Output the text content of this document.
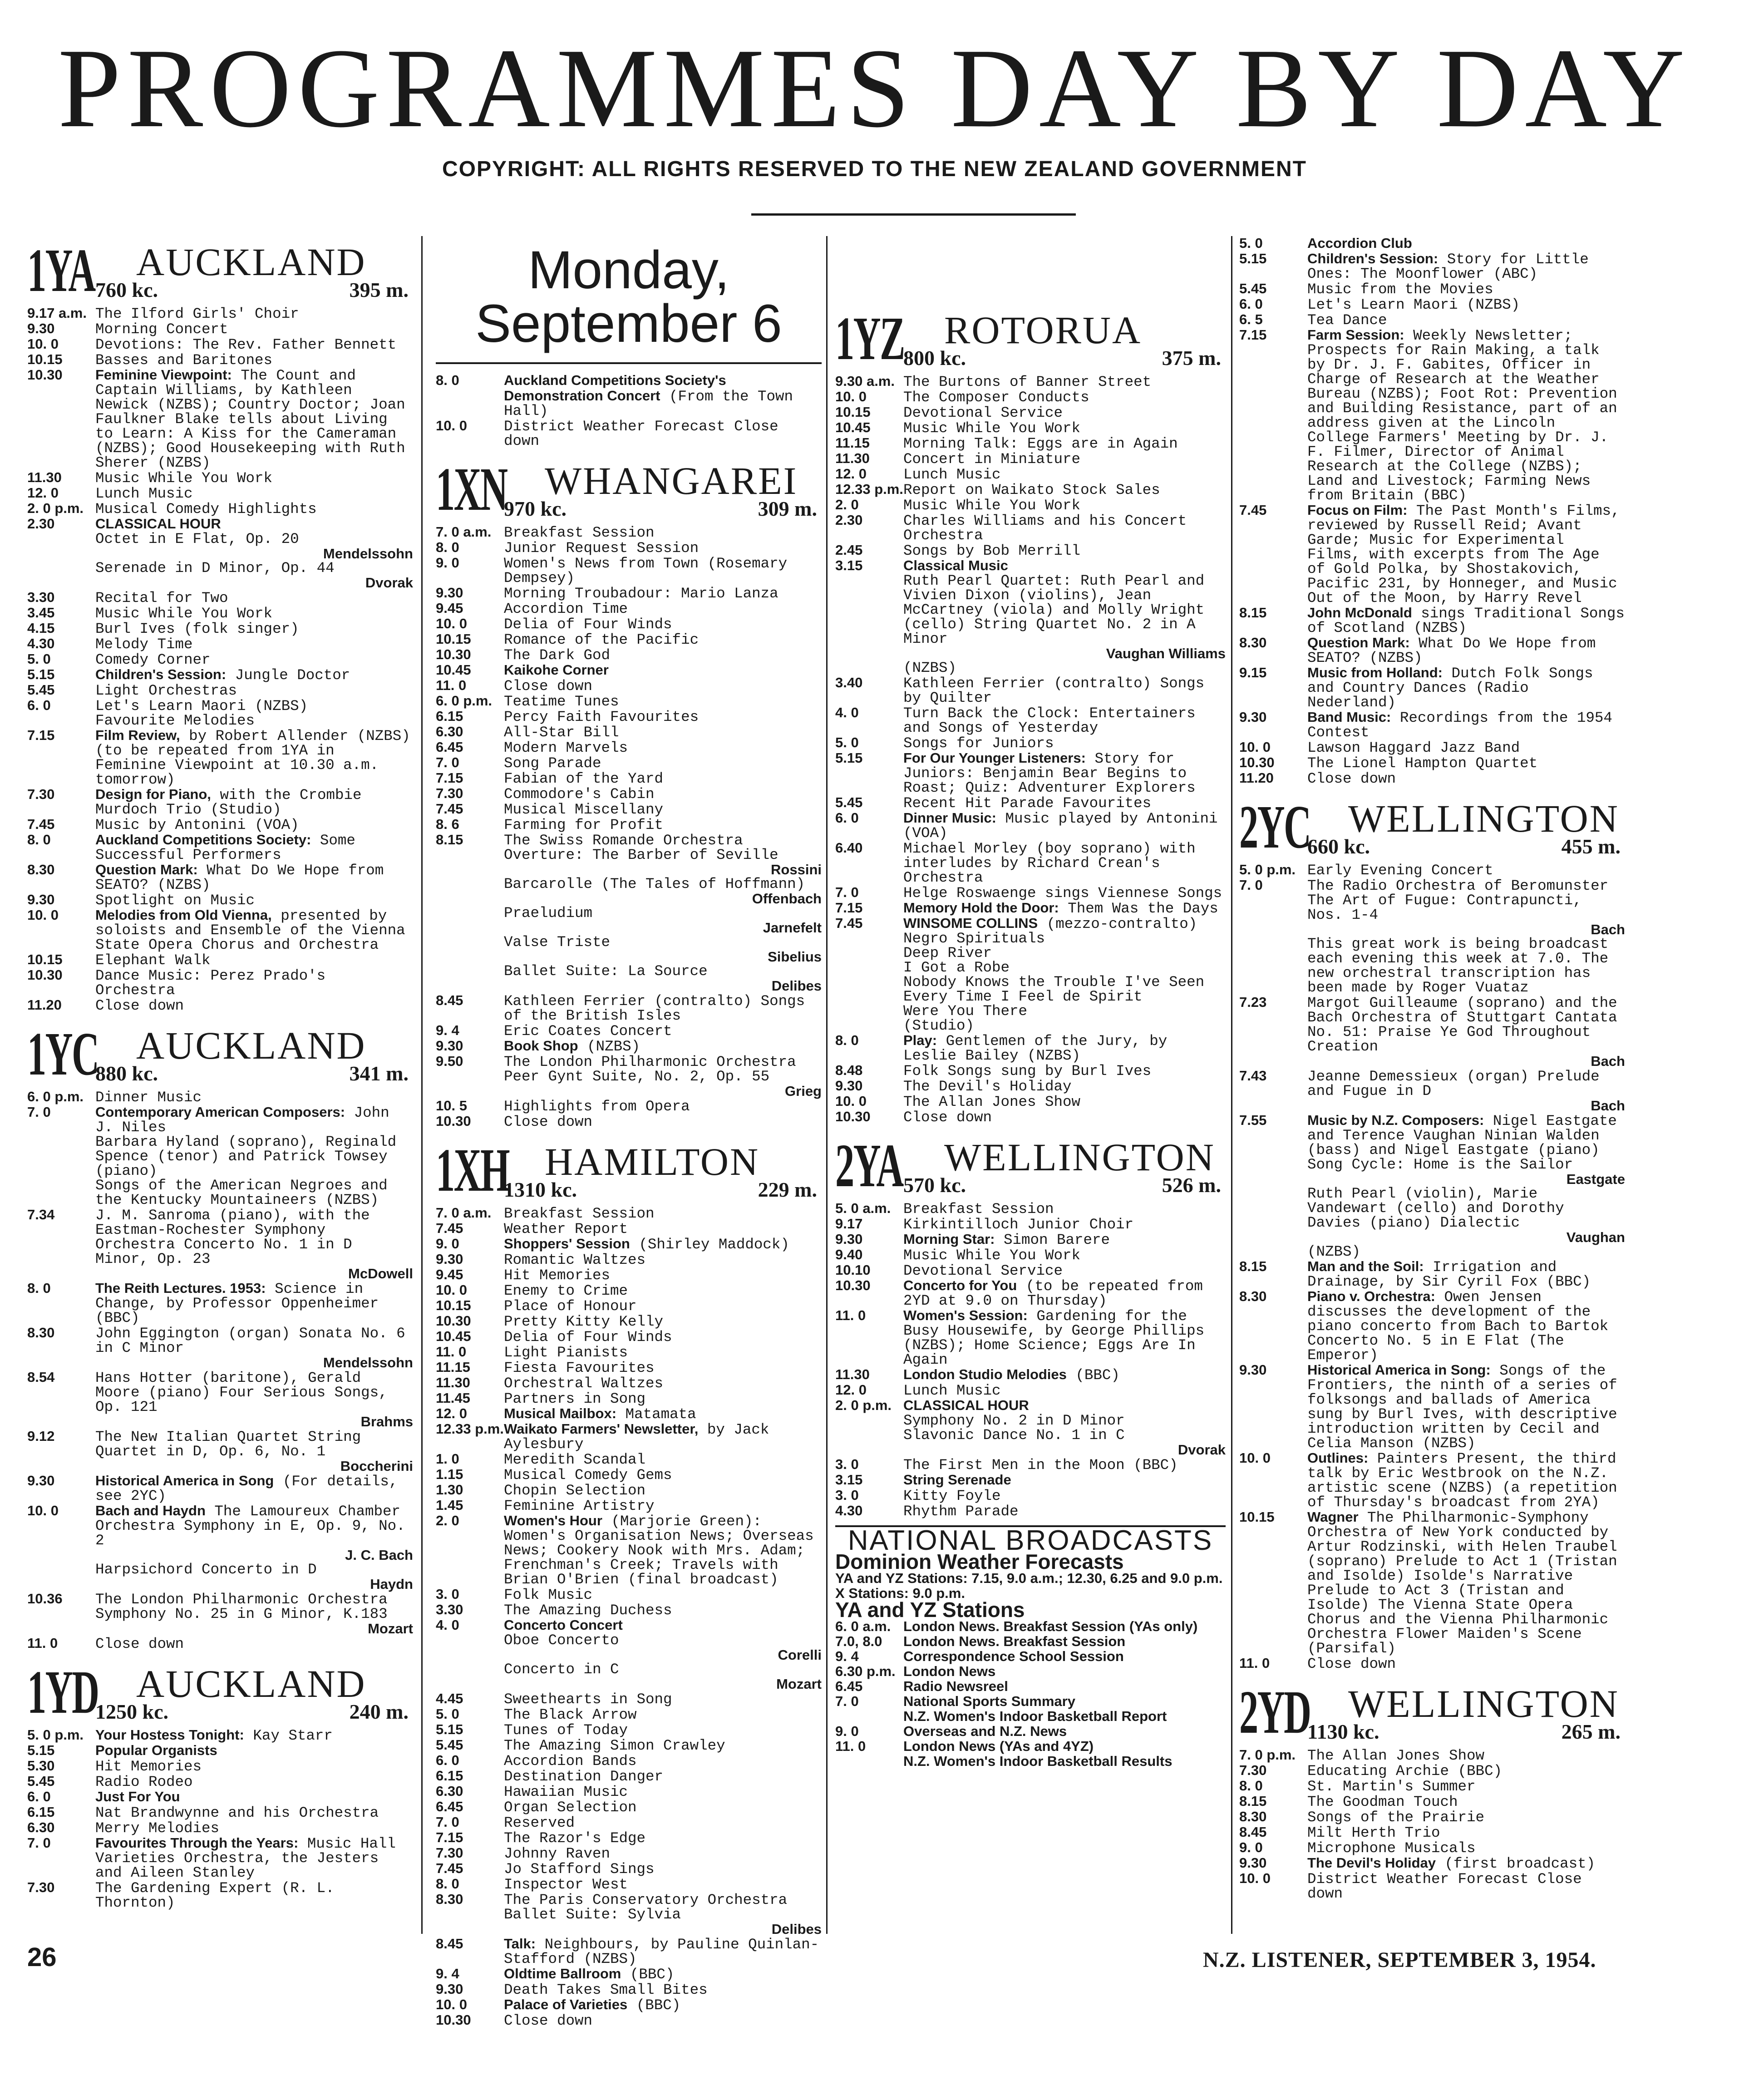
PROGRAMMES DAY BY DAY
COPYRIGHT: ALL RIGHTS RESERVED TO THE NEW ZEALAND GOVERNMENT
1YA AUCKLAND
760 kc.	395 m.
9.17 a.m. The Ilford Girls' Choir
9.30	Morning Concert
10. 0	Devotions: The Rev. Father Bennett
10.15	Basses and Baritones
10.30	Feminine Viewpoint: The Count and Captain Williams, by Kathleen Newick (NZBS); Country Doctor; Joan Faulkner Blake tells about Living to Learn: A Kiss for the Cameraman (NZBS); Good Housekeeping with Ruth Sherer (NZBS)
11.30	Music While You Work
12. 0	Lunch Music
2. 0 p.m. Musical Comedy Highlights
2.30	CLASSICAL HOUR
Octet in E Flat, Op. 20
Mendelssohn
Serenade in D Minor, Op. 44
Dvorak
3.30	Recital for Two
3.45	Music While You Work
4.15	Burl Ives (folk singer)
4.30	Melody Time
5. 0	Comedy Corner
5.15	Children's Session: Jungle Doctor
5.45	Light Orchestras
6. 0	Let's Learn Maori (NZBS)
Favourite Melodies
7.15	Film Review, by Robert Allender (NZBS) (to be repeated from 1YA in Feminine Viewpoint at 10.30 a.m. tomorrow)
7.30	Design for Piano, with the Crombie Murdoch Trio (Studio)
7.45	Music by Antonini (VOA)
8. 0	Auckland Competitions Society: Some Successful Performers
8.30	Question Mark: What Do We Hope from SEATO? (NZBS)
9.30	Spotlight on Music
10. 0	Melodies from Old Vienna, presented by soloists and Ensemble of the Vienna State Opera Chorus and Orchestra
10.15	Elephant Walk
10.30	Dance Music: Perez Prado's Orchestra
11.20	Close down
1YC AUCKLAND
880 kc.	341 m.
6. 0 p.m. Dinner Music
7. 0	Contemporary American Composers: John J. Niles
Barbara Hyland (soprano), Reginald Spence (tenor) and Patrick Towsey (piano)
Songs of the American Negroes and the Kentucky Mountaineers (NZBS)
7.34	J. M. Sanroma (piano), with the Eastman-Rochester Symphony Orchestra Concerto No. 1 in D Minor, Op. 23
McDowell
8. 0	The Reith Lectures. 1953: Science in Change, by Professor Oppenheimer (BBC)
8.30	John Eggington (organ) Sonata No. 6 in C Minor
Mendelssohn
8.54	Hans Hotter (baritone), Gerald Moore (piano) Four Serious Songs, Op. 121
Brahms
9.12	The New Italian Quartet String Quartet in D, Op. 6, No. 1
Boccherini
9.30	Historical America in Song (For details, see 2YC)
10. 0	Bach and Haydn The Lamoureux Chamber Orchestra Symphony in E, Op. 9, No. 2
J. C. Bach
Harpsichord Concerto in D
Haydn
10.36	The London Philharmonic Orchestra Symphony No. 25 in G Minor, K.183
Mozart
11. 0	Close down
1YD AUCKLAND
1250 kc.	240 m.
5. 0 p.m. Your Hostess Tonight: Kay Starr
5.15	Popular Organists
5.30	Hit Memories
5.45	Radio Rodeo
6. 0	Just For You
6.15	Nat Brandwynne and his Orchestra
6.30	Merry Melodies
7. 0	Favourites Through the Years: Music Hall Varieties Orchestra, the Jesters and Aileen Stanley
7.30	The Gardening Expert (R. L. Thornton)
Monday, September 6
8. 0	Auckland Competitions Society's Demonstration Concert (From the Town Hall)
10. 0	District Weather Forecast Close down
1XN WHANGAREI
970 kc.	309 m.
7. 0 a.m. Breakfast Session
8. 0	Junior Request Session
9. 0	Women's News from Town (Rosemary Dempsey)
9.30	Morning Troubadour: Mario Lanza
9.45	Accordion Time
10. 0	Delia of Four Winds
10.15	Romance of the Pacific
10.30	The Dark God
10.45	Kaikohe Corner
11. 0	Close down
6. 0 p.m. Teatime Tunes
6.15	Percy Faith Favourites
6.30	All-Star Bill
6.45	Modern Marvels
7. 0	Song Parade
7.15	Fabian of the Yard
7.30	Commodore's Cabin
7.45	Musical Miscellany
8. 6	Farming for Profit
8.15	The Swiss Romande Orchestra Overture: The Barber of Seville
Rossini
Barcarolle (The Tales of Hoffmann)
Offenbach
Praeludium
Jarnefelt
Valse Triste
Sibelius
Ballet Suite: La Source
Delibes
8.45	Kathleen Ferrier (contralto) Songs of the British Isles
9. 4	Eric Coates Concert
9.30	Book Shop (NZBS)
9.50	The London Philharmonic Orchestra Peer Gynt Suite, No. 2, Op. 55
Grieg
10. 5	Highlights from Opera
10.30	Close down
1XH HAMILTON
1310 kc.	229 m.
7. 0 a.m. Breakfast Session
7.45	Weather Report
9. 0	Shoppers' Session (Shirley Maddock)
9.30	Romantic Waltzes
9.45	Hit Memories
10. 0	Enemy to Crime
10.15	Place of Honour
10.30	Pretty Kitty Kelly
10.45	Delia of Four Winds
11. 0	Light Pianists
11.15	Fiesta Favourites
11.30	Orchestral Waltzes
11.45	Partners in Song
12. 0	Musical Mailbox: Matamata
12.33 p.m. Waikato Farmers' Newsletter, by Jack Aylesbury
1. 0	Meredith Scandal
1.15	Musical Comedy Gems
1.30	Chopin Selection
1.45	Feminine Artistry
2. 0	Women's Hour (Marjorie Green): Women's Organisation News; Overseas News; Cookery Nook with Mrs. Adam; Frenchman's Creek; Travels with Brian O'Brien (final broadcast)
3. 0	Folk Music
3.30	The Amazing Duchess
4. 0	Concerto Concert
Oboe Concerto
Corelli
Concerto in C
Mozart
4.45	Sweethearts in Song
5. 0	The Black Arrow
5.15	Tunes of Today
5.45	The Amazing Simon Crawley
6. 0	Accordion Bands
6.15	Destination Danger
6.30	Hawaiian Music
6.45	Organ Selection
7. 0	Reserved
7.15	The Razor's Edge
7.30	Johnny Raven
7.45	Jo Stafford Sings
8. 0	Inspector West
8.30	The Paris Conservatory Orchestra Ballet Suite: Sylvia
Delibes
8.45	Talk: Neighbours, by Pauline Quinlan-Stafford (NZBS)
9. 4	Oldtime Ballroom (BBC)
9.30	Death Takes Small Bites
10. 0	Palace of Varieties (BBC)
10.30	Close down
1YZ ROTORUA
800 kc.	375 m.
9.30 a.m. The Burtons of Banner Street
10. 0	The Composer Conducts
10.15	Devotional Service
10.45	Music While You Work
11.15	Morning Talk: Eggs are in Again
11.30	Concert in Miniature
12. 0	Lunch Music
12.33 p.m. Report on Waikato Stock Sales
2. 0	Music While You Work
2.30	Charles Williams and his Concert Orchestra
2.45	Songs by Bob Merrill
3.15	Classical Music
Ruth Pearl Quartet: Ruth Pearl and Vivien Dixon (violins), Jean McCartney (viola) and Molly Wright (cello) String Quartet No. 2 in A Minor
Vaughan Williams
(NZBS)
3.40	Kathleen Ferrier (contralto) Songs by Quilter
4. 0	Turn Back the Clock: Entertainers and Songs of Yesterday
5. 0	Songs for Juniors
5.15	For Our Younger Listeners: Story for Juniors: Benjamin Bear Begins to Roast; Quiz: Adventurer Explorers
5.45	Recent Hit Parade Favourites
6. 0	Dinner Music: Music played by Antonini (VOA)
6.40	Michael Morley (boy soprano) with interludes by Richard Crean's Orchestra
7. 0	Helge Roswaenge sings Viennese Songs
7.15	Memory Hold the Door: Them Was the Days
7.45	WINSOME COLLINS (mezzo-contralto)
Negro Spirituals
Deep River
I Got a Robe
Nobody Knows the Trouble I've Seen
Every Time I Feel de Spirit
Were You There
(Studio)
8. 0	Play: Gentlemen of the Jury, by Leslie Bailey (NZBS)
8.48	Folk Songs sung by Burl Ives
9.30	The Devil's Holiday
10. 0	The Allan Jones Show
10.30	Close down
2YA WELLINGTON
570 kc.	526 m.
5. 0 a.m. Breakfast Session
9.17	Kirkintilloch Junior Choir
9.30	Morning Star: Simon Barere
9.40	Music While You Work
10.10	Devotional Service
10.30	Concerto for You (to be repeated from 2YD at 9.0 on Thursday)
11. 0	Women's Session: Gardening for the Busy Housewife, by George Phillips (NZBS); Home Science; Eggs Are In Again
11.30	London Studio Melodies (BBC)
12. 0	Lunch Music
2. 0 p.m. CLASSICAL HOUR
Symphony No. 2 in D Minor
Slavonic Dance No. 1 in C
Dvorak
3. 0	The First Men in the Moon (BBC)
3.15	String Serenade
3. 0	Kitty Foyle
4.30	Rhythm Parade
NATIONAL BROADCASTS
Dominion Weather Forecasts
YA and YZ Stations: 7.15, 9.0 a.m.; 12.30, 6.25 and 9.0 p.m.
X Stations: 9.0 p.m.
YA and YZ Stations
6. 0 a.m. London News. Breakfast Session (YAs only)
7.0, 8.0	London News. Breakfast Session
9. 4	Correspondence School Session
6.30 p.m. London News
6.45	Radio Newsreel
7. 0	National Sports Summary
N.Z. Women's Indoor Basketball Report
9. 0	Overseas and N.Z. News
11. 0	London News (YAs and 4YZ)
N.Z. Women's Indoor Basketball Results
5. 0	Accordion Club
5.15	Children's Session: Story for Little Ones: The Moonflower (ABC)
5.45	Music from the Movies
6. 0	Let's Learn Maori (NZBS)
6. 5	Tea Dance
7.15	Farm Session: Weekly Newsletter; Prospects for Rain Making, a talk by Dr. J. F. Gabites, Officer in Charge of Research at the Weather Bureau (NZBS); Foot Rot: Prevention and Building Resistance, part of an address given at the Lincoln College Farmers' Meeting by Dr. J. F. Filmer, Director of Animal Research at the College (NZBS); Land and Livestock; Farming News from Britain (BBC)
7.45	Focus on Film: The Past Month's Films, reviewed by Russell Reid; Avant Garde; Music for Experimental Films, with excerpts from The Age of Gold Polka, by Shostakovich, Pacific 231, by Honneger, and Music Out of the Moon, by Harry Revel
8.15	John McDonald sings Traditional Songs of Scotland (NZBS)
8.30	Question Mark: What Do We Hope from SEATO? (NZBS)
9.15	Music from Holland: Dutch Folk Songs and Country Dances (Radio Nederland)
9.30	Band Music: Recordings from the 1954 Contest
10. 0	Lawson Haggard Jazz Band
10.30	The Lionel Hampton Quartet
11.20	Close down
2YC WELLINGTON
660 kc.	455 m.
5. 0 p.m. Early Evening Concert
7. 0	The Radio Orchestra of Beromunster
The Art of Fugue: Contrapuncti, Nos. 1-4
Bach
This great work is being broadcast each evening this week at 7.0. The new orchestral transcription has been made by Roger Vuataz
7.23	Margot Guilleaume (soprano) and the Bach Orchestra of Stuttgart Cantata No. 51: Praise Ye God Throughout Creation
Bach
7.43	Jeanne Demessieux (organ) Prelude and Fugue in D
Bach
7.55	Music by N.Z. Composers: Nigel Eastgate and Terence Vaughan Ninian Walden (bass) and Nigel Eastgate (piano) Song Cycle: Home is the Sailor
Eastgate
Ruth Pearl (violin), Marie Vandewart (cello) and Dorothy Davies (piano) Dialectic
Vaughan
(NZBS)
8.15	Man and the Soil: Irrigation and Drainage, by Sir Cyril Fox (BBC)
8.30	Piano v. Orchestra: Owen Jensen discusses the development of the piano concerto from Bach to Bartok Concerto No. 5 in E Flat (The Emperor)
9.30	Historical America in Song: Songs of the Frontiers, the ninth of a series of folksongs and ballads of America sung by Burl Ives, with descriptive introduction written by Cecil and Celia Manson (NZBS)
10. 0	Outlines: Painters Present, the third talk by Eric Westbrook on the N.Z. artistic scene (NZBS) (a repetition of Thursday's broadcast from 2YA)
10.15	Wagner The Philharmonic-Symphony Orchestra of New York conducted by Artur Rodzinski, with Helen Traubel (soprano) Prelude to Act 1 (Tristan and Isolde) Isolde's Narrative Prelude to Act 3 (Tristan and Isolde) The Vienna State Opera Chorus and the Vienna Philharmonic Orchestra Flower Maiden's Scene (Parsifal)
11. 0	Close down
2YD WELLINGTON
1130 kc.	265 m.
7. 0 p.m. The Allan Jones Show
7.30	Educating Archie (BBC)
8. 0	St. Martin's Summer
8.15	The Goodman Touch
8.30	Songs of the Prairie
8.45	Milt Herth Trio
9. 0	Microphone Musicals
9.30	The Devil's Holiday (first broadcast)
10. 0	District Weather Forecast Close down
26	N.Z. LISTENER, SEPTEMBER 3, 1954.
